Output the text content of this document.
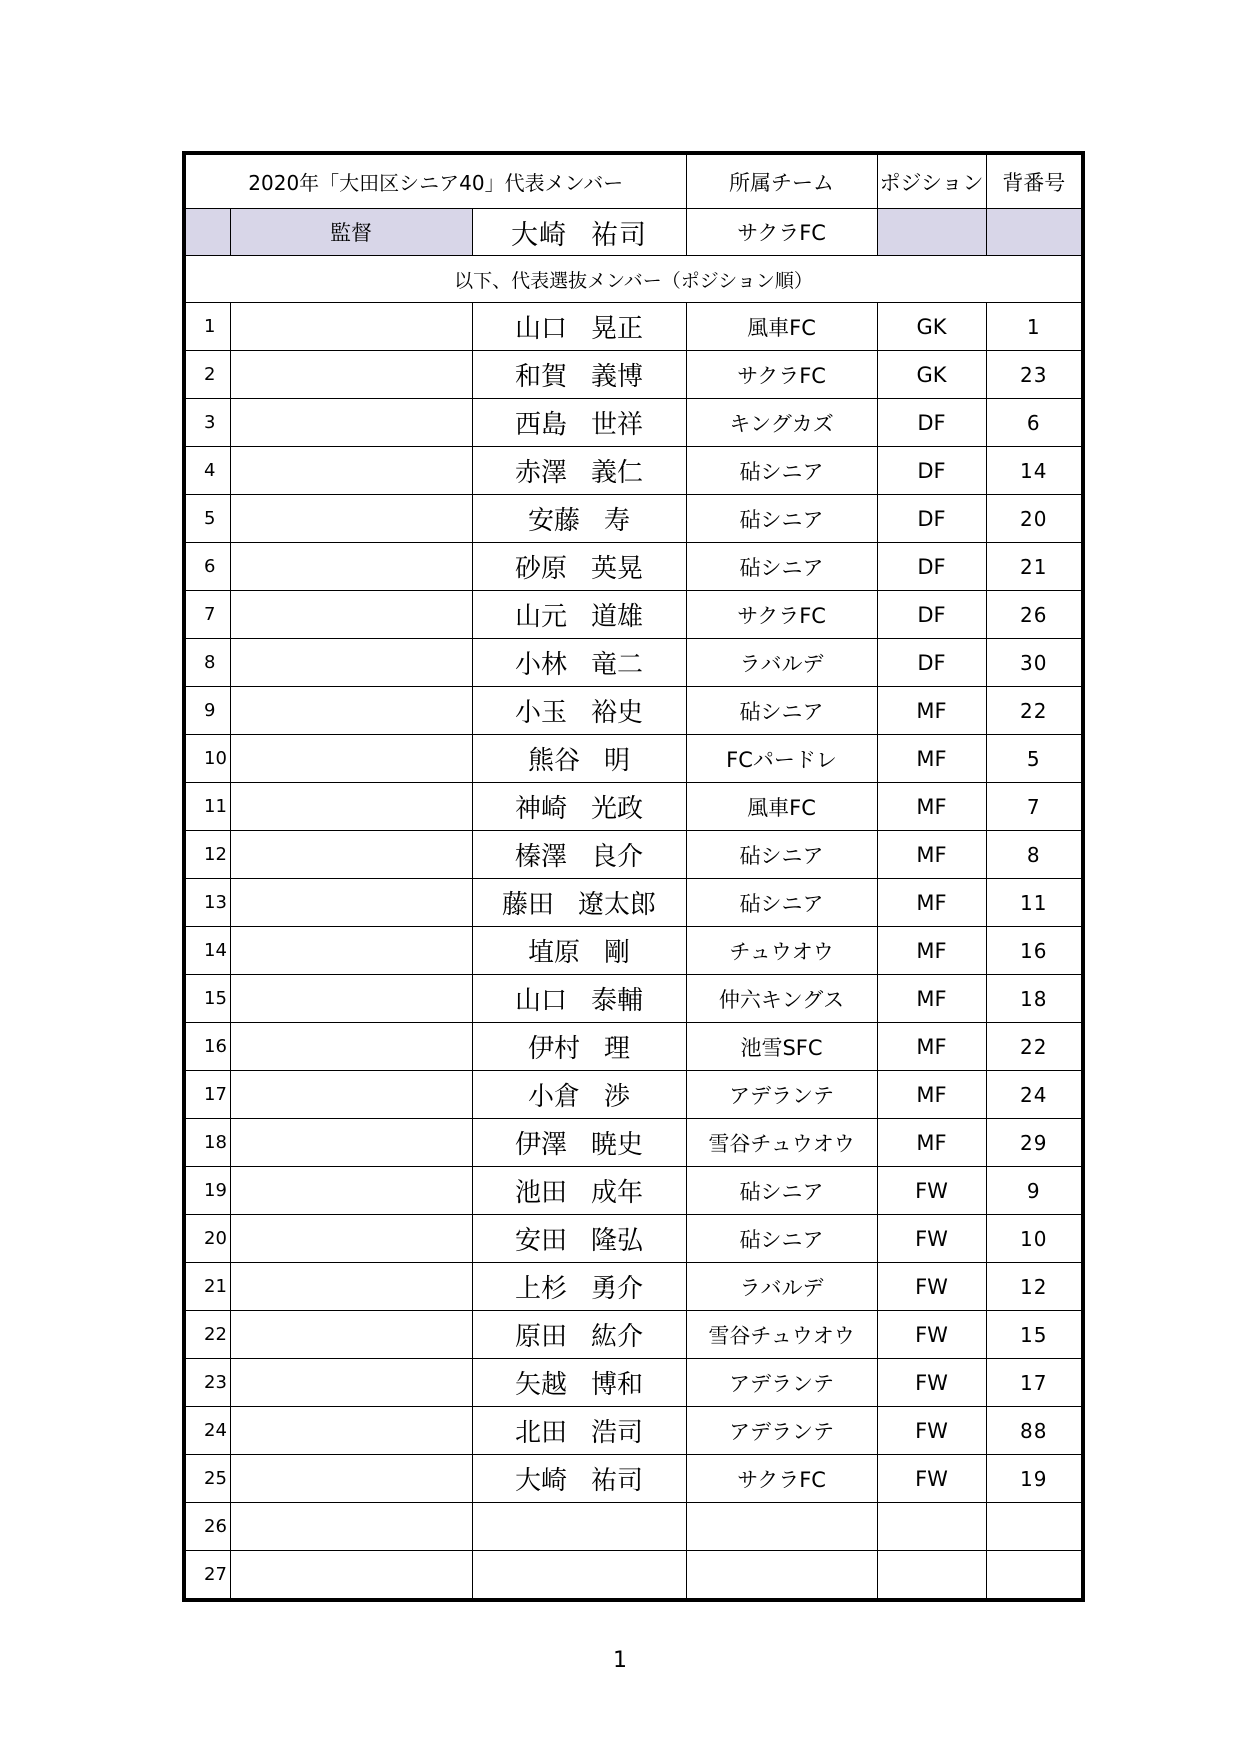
2020年「大田区シニア40」代表メンバー			所属チーム	ポジション	背番号
	監督	大崎 祐司	サクラFC		
以下、代表選抜メンバー（ポジション順）					
1		山口 晃正	風車FC	GK	1
2		和賀 義博	サクラFC	GK	23
3		西島 世祥	キングカズ	DF	6
4		赤澤 義仁	砧シニア	DF	14
5		安藤 寿	砧シニア	DF	20
6		砂原 英晃	砧シニア	DF	21
7		山元 道雄	サクラFC	DF	26
8		小林 竜二	ラバルデ	DF	30
9		小玉 裕史	砧シニア	MF	22
10		熊谷 明	FCパードレ	MF	5
11		神崎 光政	風車FC	MF	7
12		榛澤 良介	砧シニア	MF	8
13		藤田 遼太郎	砧シニア	MF	11
14		埴原 剛	チュウオウ	MF	16
15		山口 泰輔	仲六キングス	MF	18
16		伊村 理	池雪SFC	MF	22
17		小倉 渉	アデランテ	MF	24
18		伊澤 暁史	雪谷チュウオウ	MF	29
19		池田 成年	砧シニア	FW	9
20		安田 隆弘	砧シニア	FW	10
21		上杉 勇介	ラバルデ	FW	12
22		原田 紘介	雪谷チュウオウ	FW	15
23		矢越 博和	アデランテ	FW	17
24		北田 浩司	アデランテ	FW	88
25		大崎 祐司	サクラFC	FW	19
26		

27		

1
